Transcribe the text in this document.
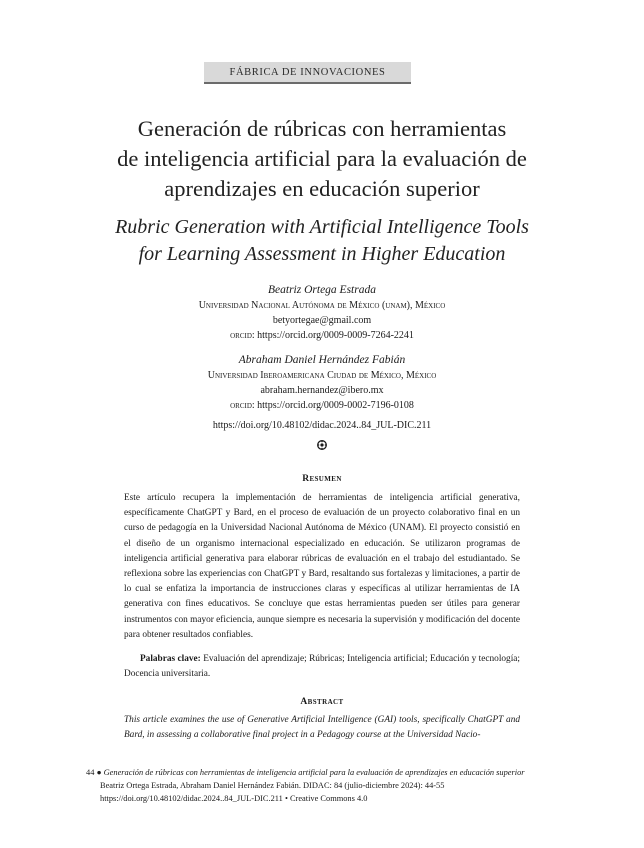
FÁBRICA DE INNOVACIONES
Generación de rúbricas con herramientas
de inteligencia artificial para la evaluación de
aprendizajes en educación superior
Rubric Generation with Artificial Intelligence Tools
for Learning Assessment in Higher Education
Beatriz Ortega Estrada
Universidad Nacional Autónoma de México (unam), México
betyortegae@gmail.com
orcid: https://orcid.org/0009-0009-7264-2241
Abraham Daniel Hernández Fabián
Universidad Iberoamericana Ciudad de México, México
abraham.hernandez@ibero.mx
orcid: https://orcid.org/0009-0002-7196-0108
https://doi.org/10.48102/didac.2024..84_JUL-DIC.211
Resumen

Este artículo recupera la implementación de herramientas de inteligencia artificial generativa, específicamente ChatGPT y Bard, en el proceso de evaluación de un proyecto colaborativo final en un curso de pedagogía en la Universidad Nacional Autónoma de México (UNAM). El proyecto consistió en el diseño de un organismo internacional especializado en educación. Se utilizaron programas de inteligencia artificial generativa para elaborar rúbricas de evaluación en el trabajo del estudiantado. Se reflexiona sobre las experiencias con ChatGPT y Bard, resaltando sus fortalezas y limitaciones, a partir de lo cual se enfatiza la importancia de instrucciones claras y específicas al utilizar herramientas de IA generativa con fines educativos. Se concluye que estas herramientas pueden ser útiles para generar instrumentos con mayor eficiencia, aunque siempre es necesaria la supervisión y modificación del docente para obtener resultados confiables.

Palabras clave: Evaluación del aprendizaje; Rúbricas; Inteligencia artificial; Educación y tecnología; Docencia universitaria.

Abstract

This article examines the use of Generative Artificial Intelligence (GAI) tools, specifically ChatGPT and Bard, in assessing a collaborative final project in a Pedagogy course at the Universidad Nacio-

44 ● Generación de rúbricas con herramientas de inteligencia artificial para la evaluación de aprendizajes en educación superior
Beatriz Ortega Estrada, Abraham Daniel Hernández Fabián. DIDAC: 84 (julio-diciembre 2024): 44-55
https://doi.org/10.48102/didac.2024..84_JUL-DIC.211 • Creative Commons 4.0
